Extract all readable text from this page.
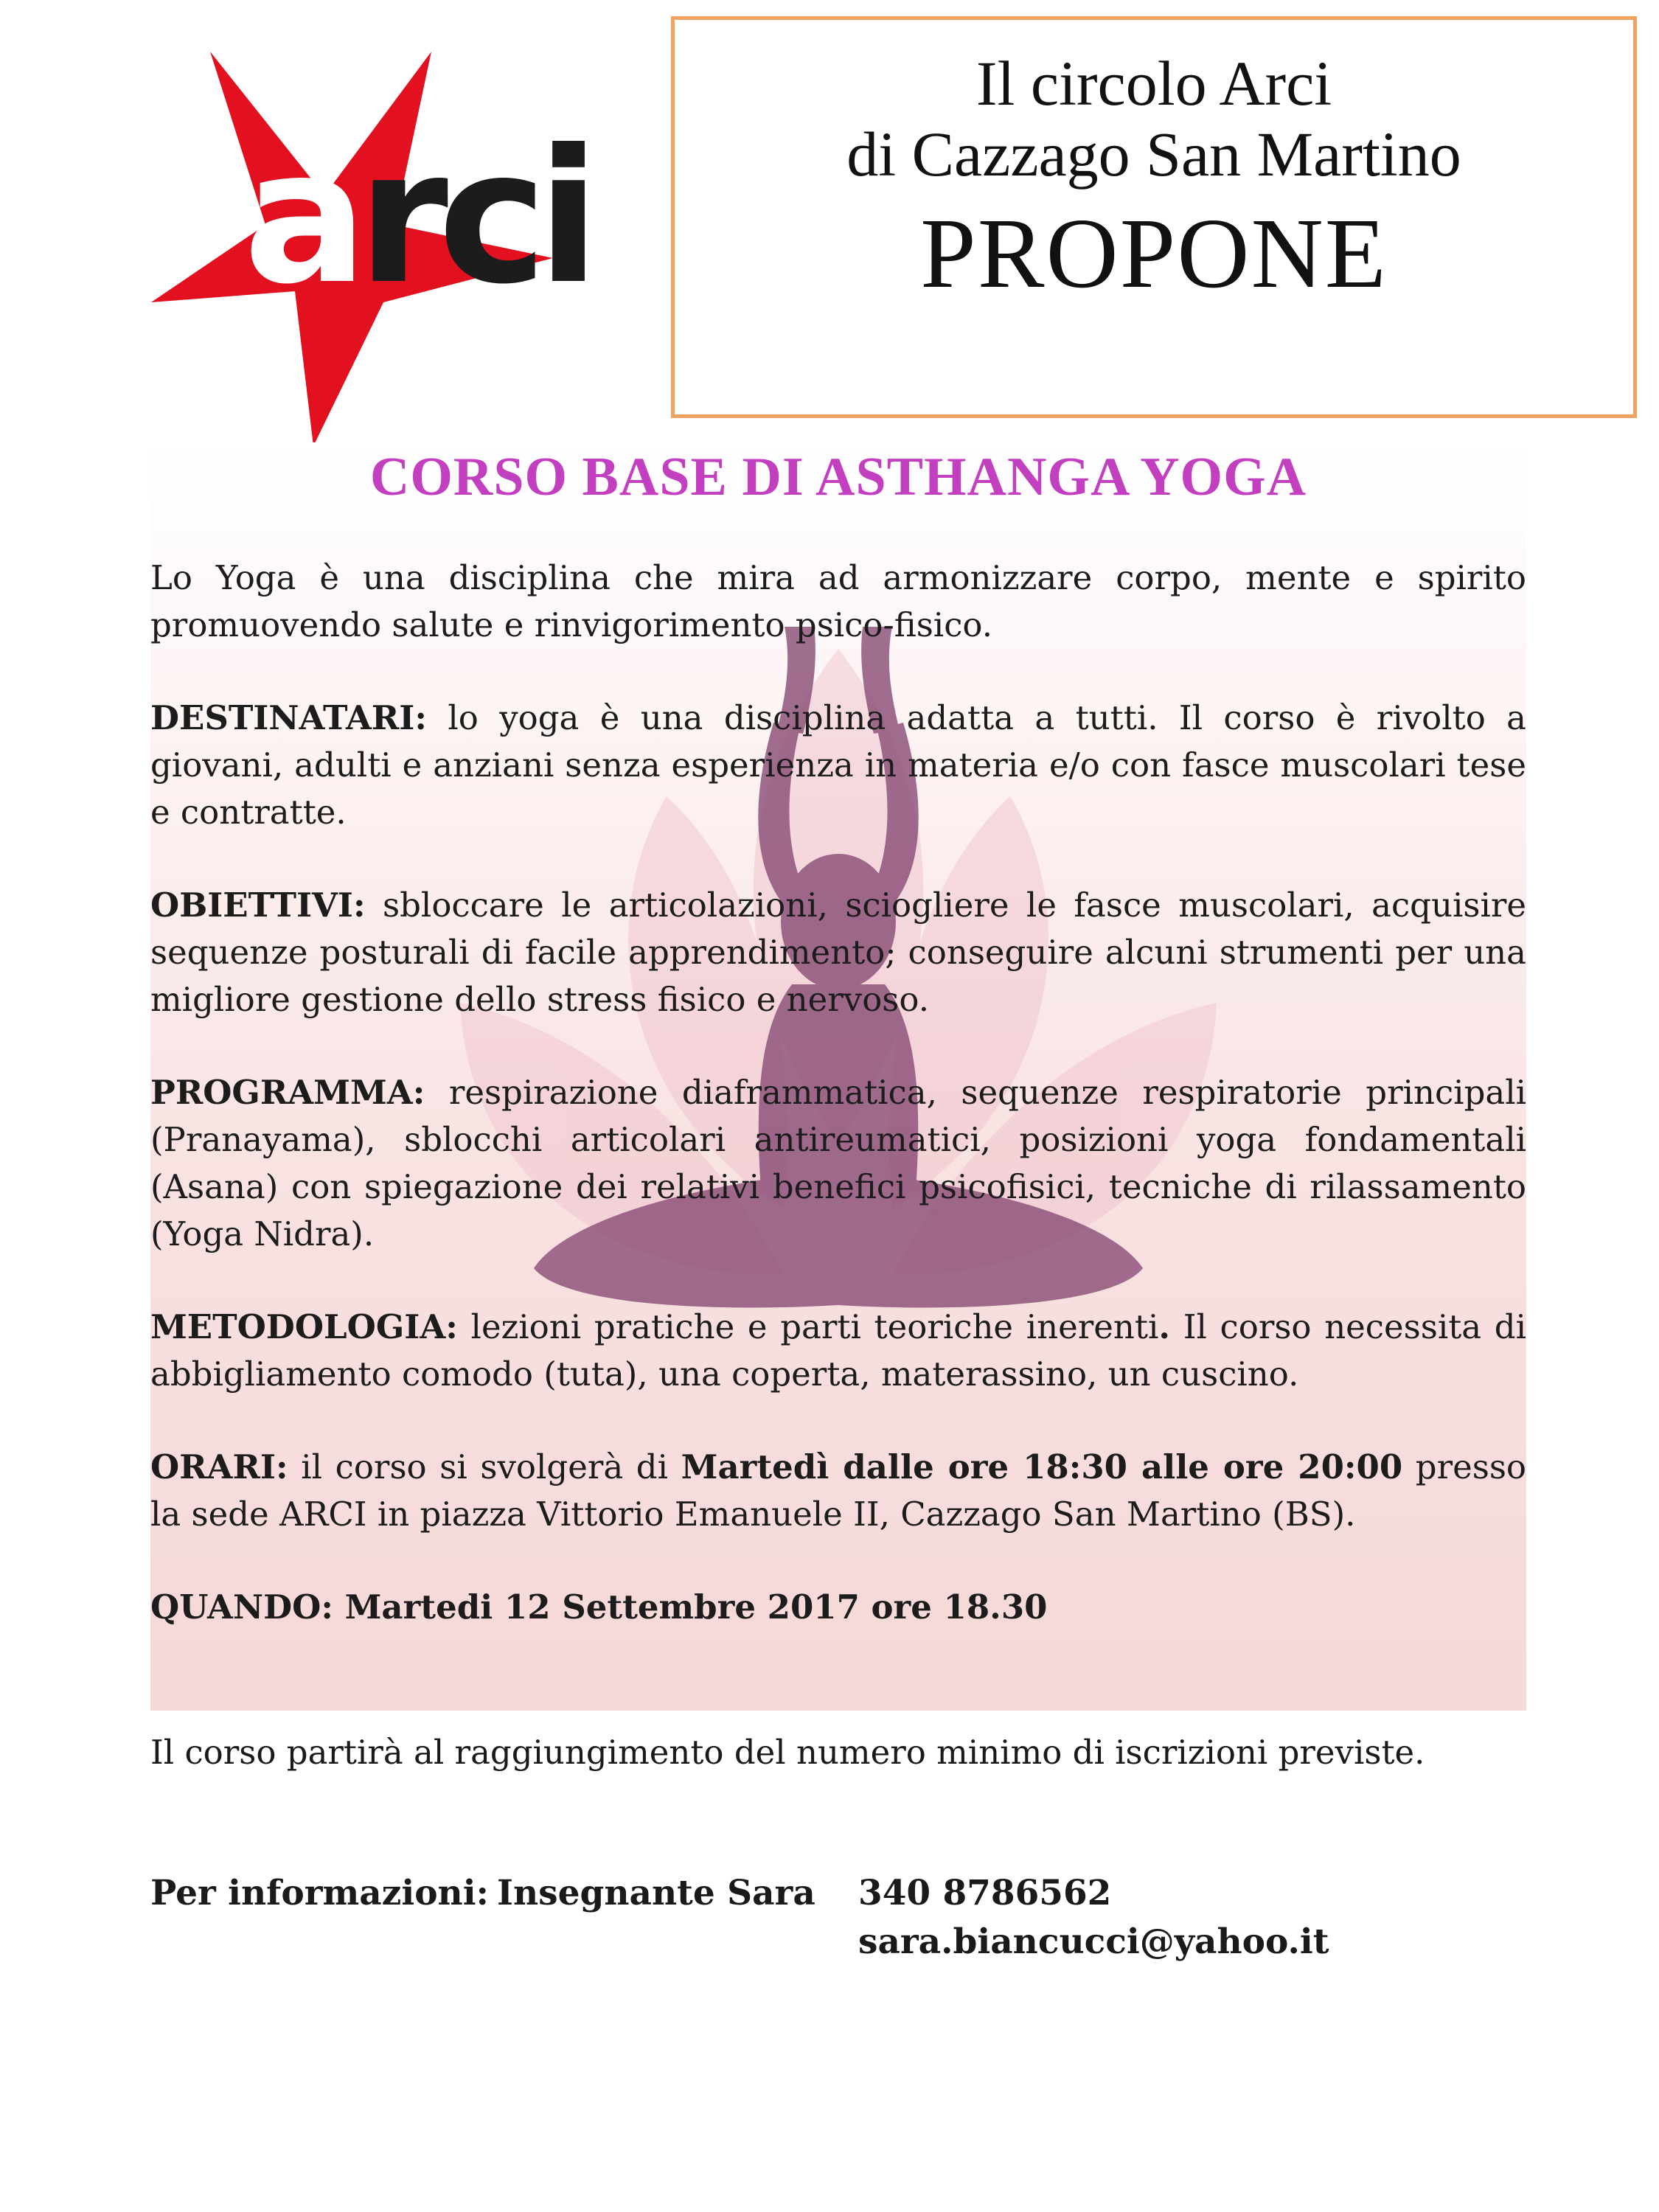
arci
Il circolo Arci
di Cazzago San Martino
PROPONE
CORSO BASE DI ASTHANGA YOGA

Lo Yoga è una disciplina che mira ad armonizzare corpo, mente e spirito promuovendo salute e rinvigorimento psico-fisico.

DESTINATARI: lo yoga è una disciplina adatta a tutti. Il corso è rivolto a giovani, adulti e anziani senza esperienza in materia e/o con fasce muscolari tese e contratte.

OBIETTIVI: sbloccare le articolazioni, sciogliere le fasce muscolari, acquisire sequenze posturali di facile apprendimento; conseguire alcuni strumenti per una migliore gestione dello stress fisico e nervoso.

PROGRAMMA: respirazione diaframmatica, sequenze respiratorie principali (Pranayama), sblocchi articolari antireumatici, posizioni yoga fondamentali (Asana) con spiegazione dei relativi benefici psicofisici, tecniche di rilassamento (Yoga Nidra).

METODOLOGIA: lezioni pratiche e parti teoriche inerenti. Il corso necessita di abbigliamento comodo (tuta), una coperta, materassino, un cuscino.

ORARI: il corso si svolgerà di Martedì dalle ore 18:30 alle ore 20:00 presso la sede ARCI in piazza Vittorio Emanuele II, Cazzago San Martino (BS).

QUANDO: Martedi 12 Settembre 2017 ore 18.30

Il corso partirà al raggiungimento del numero minimo di iscrizioni previste.
Per informazioni: Insegnante Sara 340 8786562
sara.biancucci@yahoo.it
